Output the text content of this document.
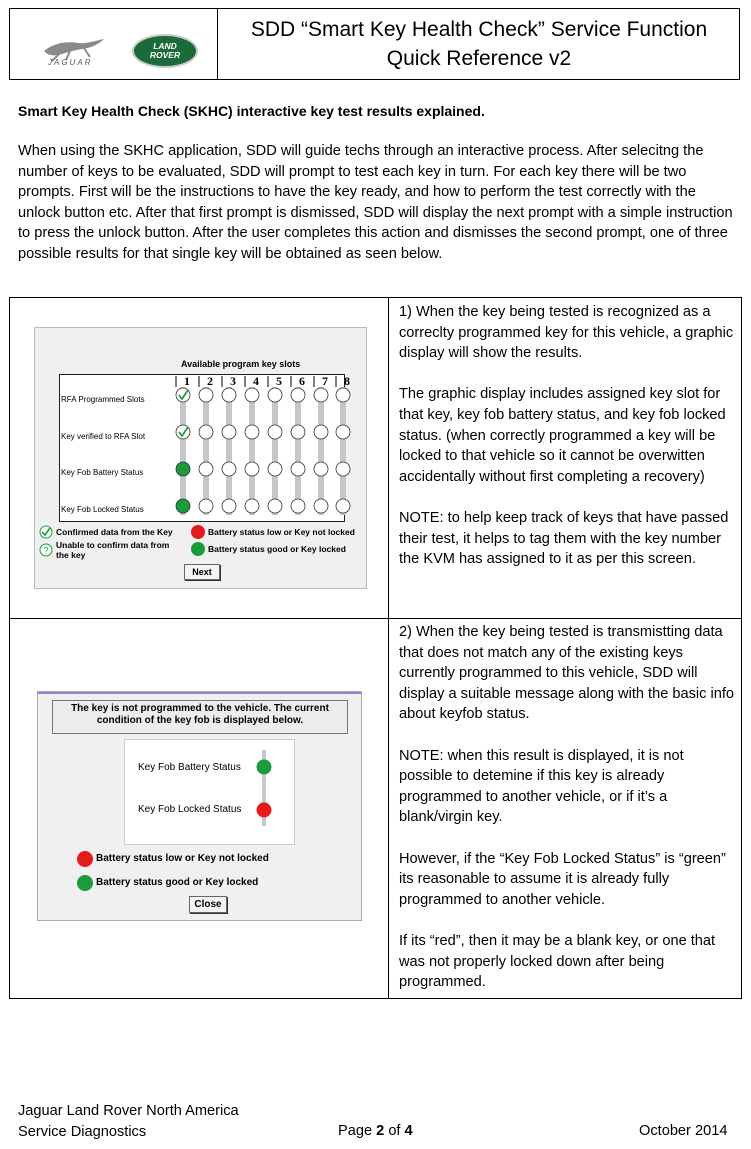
JAGUAR
LAND
ROVER
SDD “Smart Key Health Check” Service Function
Quick Reference v2
Smart Key Health Check (SKHC) interactive key test results explained.
When using the SKHC application, SDD will guide techs through an interactive process. After selecitng the number of keys to be evaluated, SDD will prompt to test each key in turn. For each key there will be two prompts. First will be the instructions to have the key ready, and how to perform the test correctly with the unlock button etc. After that first prompt is dismissed, SDD will display the next prompt with a simple instruction to press the unlock button. After the user completes this action and dismisses the second prompt, one of three possible results for that single key will be obtained as seen below.
Available program key slots
1 2 3 4 5 6 7 8
RFA Programmed Slots
Key verified to RFA Slot
Key Fob Battery Status
Key Fob Locked Status
Confirmed data from the Key
?
Unable to confirm data from the key
Battery status low or Key not locked
Battery status good or Key locked
Next

1) When the key being tested is recognized as a correclty programmed key for this vehicle, a graphic display will show the results.

The graphic display includes assigned key slot for that key, key fob battery status, and key fob locked status. (when correctly programmed a key will be locked to that vehicle so it cannot be overwitten accidentally without first completing a recovery)

NOTE: to help keep track of keys that have passed their test, it helps to tag them with the key number the KVM has assigned to it as per this screen.

The key is not programmed to the vehicle. The current condition of the key fob is displayed below.
Key Fob Battery Status
Key Fob Locked Status
Battery status low or Key not locked
Battery status good or Key locked
Close

2) When the key being tested is transmistting data that does not match any of the existing keys currently programmed to this vehicle, SDD will display a suitable message along with the basic info about keyfob status.

NOTE: when this result is displayed, it is not possible to detemine if this key is already programmed to another vehicle, or if it’s a blank/virgin key.

However, if the “Key Fob Locked Status” is “green” its reasonable to assume it is already fully programmed to another vehicle.

If its “red”, then it may be a blank key, or one that was not properly locked down after being programmed.

Jaguar Land Rover North America
Service Diagnostics	Page 2 of 4	October 2014
